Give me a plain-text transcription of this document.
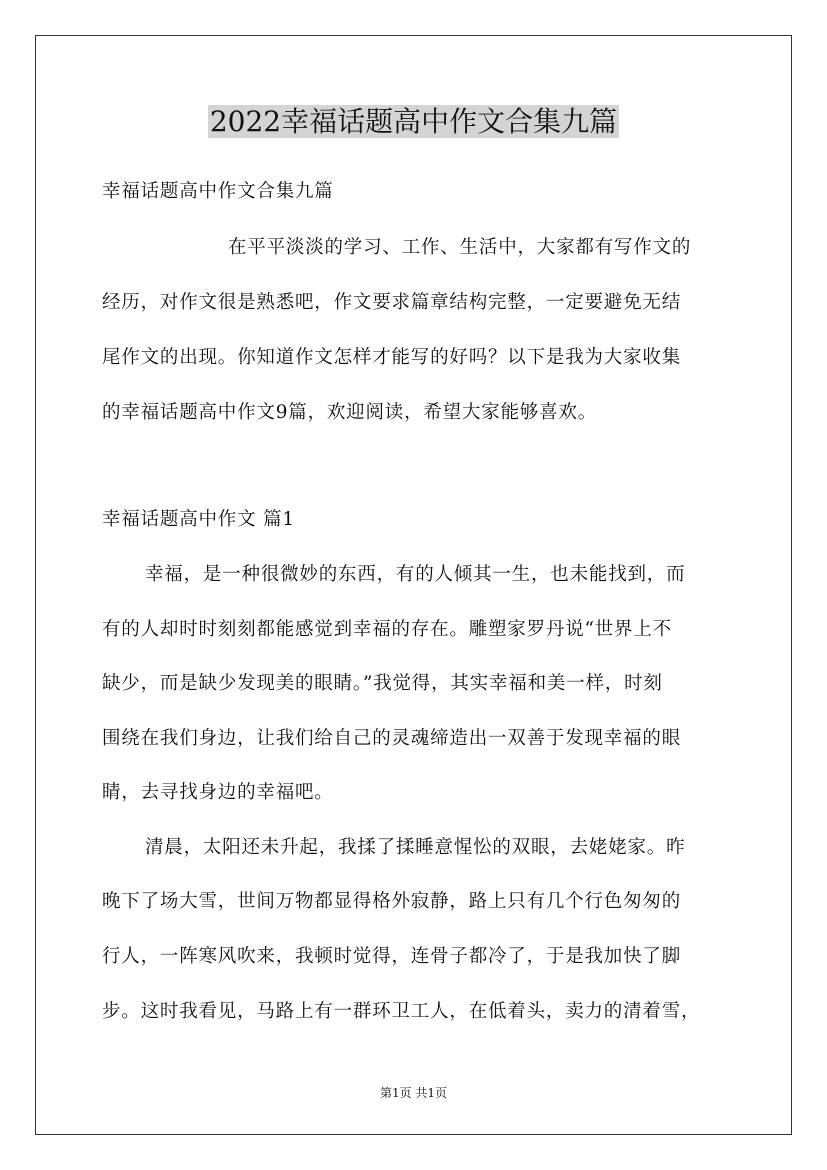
2022幸福话题高中作文合集九篇
幸福话题高中作文合集九篇
在平平淡淡的学习、工作、生活中，大家都有写作文的
经历，对作文很是熟悉吧，作文要求篇章结构完整，一定要避免无结
尾作文的出现。你知道作文怎样才能写的好吗？以下是我为大家收集
的幸福话题高中作文9篇，欢迎阅读，希望大家能够喜欢。
幸福话题高中作文 篇1
幸福，是一种很微妙的东西，有的人倾其一生，也未能找到，而
有的人却时时刻刻都能感觉到幸福的存在。雕塑家罗丹说“世界上不
缺少，而是缺少发现美的眼睛。”我觉得，其实幸福和美一样，时刻
围绕在我们身边，让我们给自己的灵魂缔造出一双善于发现幸福的眼
睛，去寻找身边的幸福吧。
清晨，太阳还未升起，我揉了揉睡意惺忪的双眼，去姥姥家。昨
晚下了场大雪，世间万物都显得格外寂静，路上只有几个行色匆匆的
行人，一阵寒风吹来，我顿时觉得，连骨子都冷了，于是我加快了脚
步。这时我看见，马路上有一群环卫工人，在低着头，卖力的清着雪，
第1页 共1页
